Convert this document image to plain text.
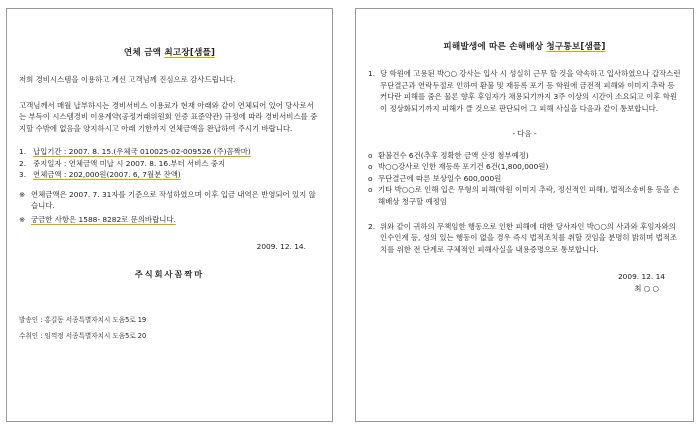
연체 금액 최고장[샘플]

저희 경비시스템을 이용하고 계신 고객님께 진심으로 감사드립니다.

고객님께서 매월 납부하시는 경비서비스 이용료가 현재 아래와 같이 연체되어 있어 당사로서는 부득이 시스템경비 이용계약(공정거래위원회 인증 표준약관) 규정에 따라 경비서비스를 중지할 수밖에 없음을 양지하시고 아래 기한까지 연체금액을 완납하여 주시기 바랍니다.

1. 납입기간 : 2007. 8. 15.(우체국 010025-02-009526 (주)꼼짝마)
2. 중지일자 : 연체금액 미납 시 2007. 8. 16.부터 서비스 중지
3. 연체금액 : 202,000원(2007. 6, 7월분 잔액)
※ 연체금액은 2007. 7. 31자를 기준으로 작성하였으며 이후 입금 내역은 반영되어 있지 않습니다.
※ 궁금한 사항은 1588- 8282로 문의바랍니다.
2009. 12. 14.
주식회사꼼짝마
발송인 : 홍길동 서종특별자치시 도움5로 19
수취인 : 임꺽정 서종특별자치시 도움5로 20
피해발생에 따른 손해배상 청구통보[샘플]
1. 당 학원에 고용된 박○○ 강사는 입사 시 성실히 근무 할 것을 약속하고 입사하였으나 갑작스런 무단결근과 연락두절로 인하여 환불 및 재등록 포기 등 학원에 금전적 피해와 이미지 추락 등 커다란 피해를 줌은 물론 향후 후임자가 채용되기까지 3주 이상의 시간이 소요되고 이후 학원이 정상화되기까지 피해가 클 것으로 판단되어 그 피해 사실을 다음과 같이 통보합니다.
- 다음 -
o 환불건수 6건(추후 정확한 금액 산정 첨부예정)
o 박○○강사로 인한 재등록 포기건 6건(1,800,000원)
o 무단결근에 따른 보상일수 600,000원
o 기타 박○○로 인해 입은 무형의 피해(학원 이미지 추락, 정신적인 피해), 법적소송비용 등을 손해배상 청구할 예정임
2. 위와 같이 귀하의 무책임한 행동으로 인한 피해에 대한 당사자인 박○○의 사과와 후임자와의 인수인계 등, 성의 있는 행동이 없을 경우 즉시 법적조치를 취할 것임을 분명히 밝히며 법적조치를 위한 전 단계로 구체적인 피해사실을 내용증명으로 통보합니다.
2009. 12. 14
최 ○ ○
